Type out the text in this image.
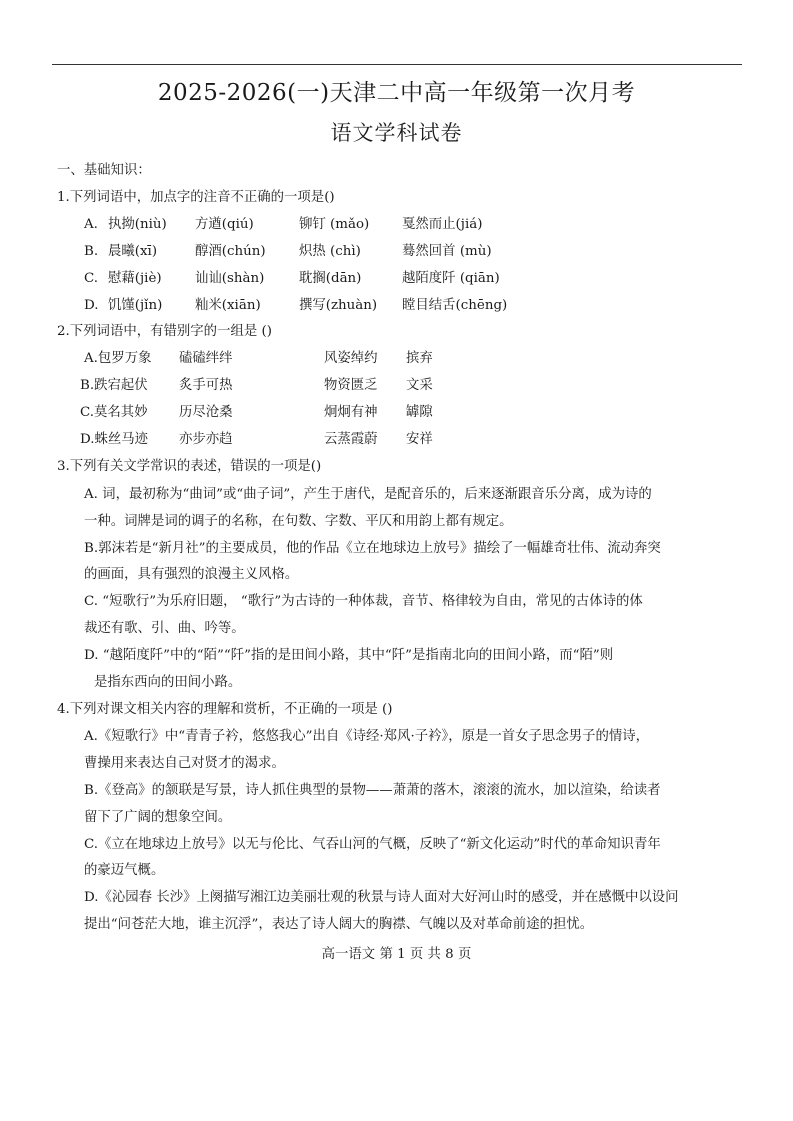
2025-2026(一)天津二中高一年级第一次月考
语文学科试卷
一、基础知识：
1.下列词语中，加点字的注音不正确的一项是()
A. 执拗(niù) 方遒(qiú)	铆钉 (mǎo) 戛然而止(jiá)
B. 晨曦(xī)	醇酒(chún) 炽热 (chì)	蓦然回首 (mù)
C. 慰藉(jiè) 讪讪(shàn)	耽搁(dān)	越陌度阡 (qiān)
D. 饥馑(jǐn) 籼米(xiān)	撰写(zhuàn) 瞠目结舌(chēng)
2.下列词语中，有错别字的一组是 ()
A.包罗万象 磕磕绊绊	风姿绰约 摈弃
B.跌宕起伏 炙手可热	物资匮乏 文采
C.莫名其妙 历尽沧桑	炯炯有神 罅隙
D.蛛丝马迹 亦步亦趋	云蒸霞蔚 安祥
3.下列有关文学常识的表述，错误的一项是()
A. 词，最初称为“曲词”或“曲子词”，产生于唐代，是配音乐的，后来逐渐跟音乐分离，成为诗的
一种。词牌是词的调子的名称，在句数、字数、平仄和用韵上都有规定。
B.郭沫若是“新月社”的主要成员，他的作品《立在地球边上放号》描绘了一幅雄奇壮伟、流动奔突
的画面，具有强烈的浪漫主义风格。
C. “短歌行”为乐府旧题， “歌行”为古诗的一种体裁，音节、格律较为自由，常见的古体诗的体
裁还有歌、引、曲、吟等。
D. “越陌度阡”中的“陌”“阡”指的是田间小路，其中“阡”是指南北向的田间小路，而“陌”则
是指东西向的田间小路。
4.下列对课文相关内容的理解和赏析，不正确的一项是 ()
A.《短歌行》中“青青子衿，悠悠我心”出自《诗经·郑风·子衿》，原是一首女子思念男子的情诗，
曹操用来表达自己对贤才的渴求。
B.《登高》的颔联是写景，诗人抓住典型的景物——萧萧的落木，滚滚的流水，加以渲染，给读者
留下了广阔的想象空间。
C.《立在地球边上放号》以无与伦比、气吞山河的气概，反映了“新文化运动”时代的革命知识青年
的豪迈气概。
D.《沁园春 长沙》上阕描写湘江边美丽壮观的秋景与诗人面对大好河山时的感受，并在感慨中以设问
提出“问苍茫大地，谁主沉浮”，表达了诗人阔大的胸襟、气魄以及对革命前途的担忧。
高一语文 第 1 页 共 8 页
